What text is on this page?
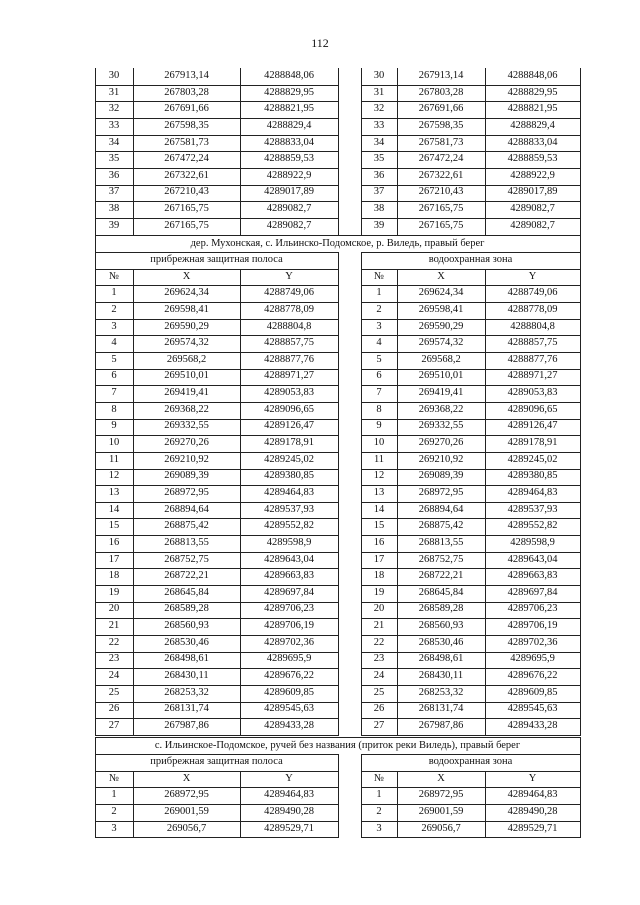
112
30	267913,14	4288848,06	30	267913,14	4288848,06
31	267803,28	4288829,95	31	267803,28	4288829,95
32	267691,66	4288821,95	32	267691,66	4288821,95
33	267598,35	4288829,4	33	267598,35	4288829,4
34	267581,73	4288833,04	34	267581,73	4288833,04
35	267472,24	4288859,53	35	267472,24	4288859,53
36	267322,61	4288922,9	36	267322,61	4288922,9
37	267210,43	4289017,89	37	267210,43	4289017,89
38	267165,75	4289082,7	38	267165,75	4289082,7
39	267165,75	4289082,7	39	267165,75	4289082,7
дер. Мухонская, с. Ильинско-Подомское, р. Виледь, правый берег
прибрежная защитная полоса	водоохранная зона
№	X	Y	№	X	Y
1	269624,34	4288749,06	1	269624,34	4288749,06
2	269598,41	4288778,09	2	269598,41	4288778,09
3	269590,29	4288804,8	3	269590,29	4288804,8
4	269574,32	4288857,75	4	269574,32	4288857,75
5	269568,2	4288877,76	5	269568,2	4288877,76
6	269510,01	4288971,27	6	269510,01	4288971,27
7	269419,41	4289053,83	7	269419,41	4289053,83
8	269368,22	4289096,65	8	269368,22	4289096,65
9	269332,55	4289126,47	9	269332,55	4289126,47
10	269270,26	4289178,91	10	269270,26	4289178,91
11	269210,92	4289245,02	11	269210,92	4289245,02
12	269089,39	4289380,85	12	269089,39	4289380,85
13	268972,95	4289464,83	13	268972,95	4289464,83
14	268894,64	4289537,93	14	268894,64	4289537,93
15	268875,42	4289552,82	15	268875,42	4289552,82
16	268813,55	4289598,9	16	268813,55	4289598,9
17	268752,75	4289643,04	17	268752,75	4289643,04
18	268722,21	4289663,83	18	268722,21	4289663,83
19	268645,84	4289697,84	19	268645,84	4289697,84
20	268589,28	4289706,23	20	268589,28	4289706,23
21	268560,93	4289706,19	21	268560,93	4289706,19
22	268530,46	4289702,36	22	268530,46	4289702,36
23	268498,61	4289695,9	23	268498,61	4289695,9
24	268430,11	4289676,22	24	268430,11	4289676,22
25	268253,32	4289609,85	25	268253,32	4289609,85
26	268131,74	4289545,63	26	268131,74	4289545,63
27	267987,86	4289433,28	27	267987,86	4289433,28
с. Ильинское-Подомское, ручей без названия (приток реки Виледь), правый берег
прибрежная защитная полоса	водоохранная зона
№	X	Y	№	X	Y
1	268972,95	4289464,83	1	268972,95	4289464,83
2	269001,59	4289490,28	2	269001,59	4289490,28
3	269056,7	4289529,71	3	269056,7	4289529,71
